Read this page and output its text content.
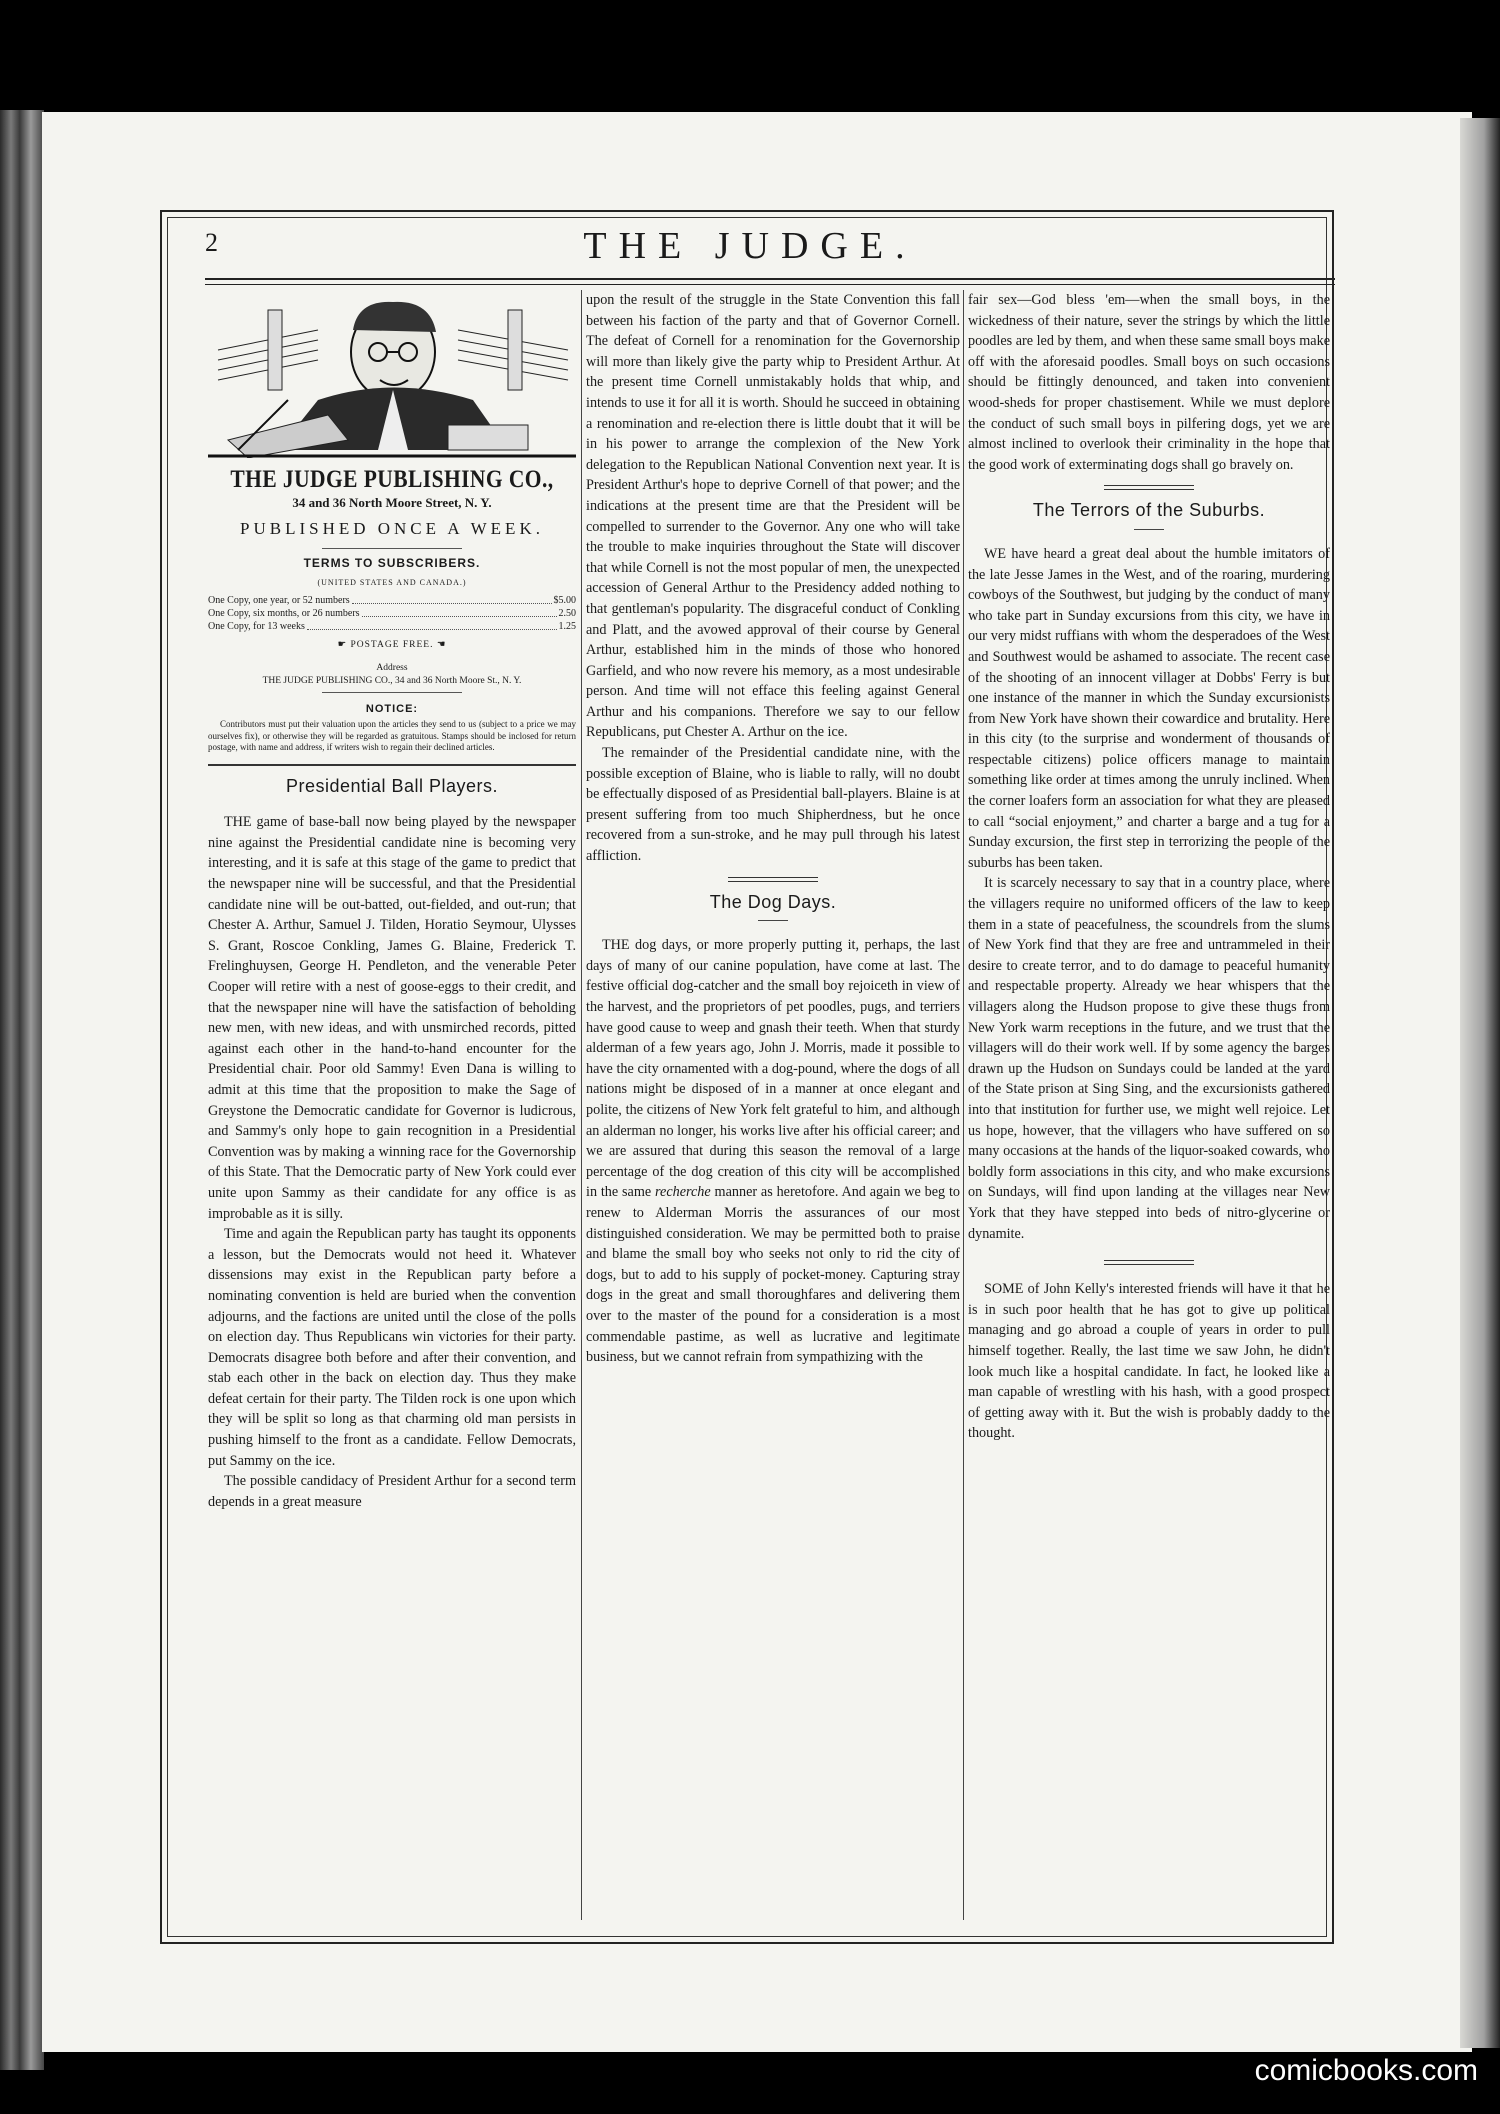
2	THE JUDGE.
THE JUDGE PUBLISHING CO.,
34 and 36 North Moore Street, N. Y.
PUBLISHED ONCE A WEEK.
TERMS TO SUBSCRIBERS.
(UNITED STATES AND CANADA.)
One Copy, one year, or 52 numbers	$5.00
One Copy, six months, or 26 numbers	2.50
One Copy, for 13 weeks	1.25
☛ POSTAGE FREE. ☚
Address
THE JUDGE PUBLISHING CO., 34 and 36 North Moore St., N. Y.
NOTICE:
Contributors must put their valuation upon the articles they send to us (subject to a price we may ourselves fix), or otherwise they will be regarded as gratuitous. Stamps should be inclosed for return postage, with name and address, if writers wish to regain their declined articles.
Presidential Ball Players.

THE game of base-ball now being played by the newspaper nine against the Presidential candidate nine is becoming very interesting, and it is safe at this stage of the game to predict that the newspaper nine will be successful, and that the Presidential candidate nine will be out-batted, out-fielded, and out-run; that Chester A. Arthur, Samuel J. Tilden, Horatio Seymour, Ulysses S. Grant, Roscoe Conkling, James G. Blaine, Frederick T. Frelinghuysen, George H. Pendleton, and the venerable Peter Cooper will retire with a nest of goose-eggs to their credit, and that the newspaper nine will have the satisfaction of beholding new men, with new ideas, and with unsmirched records, pitted against each other in the hand-to-hand encounter for the Presidential chair. Poor old Sammy! Even Dana is willing to admit at this time that the proposition to make the Sage of Greystone the Democratic candidate for Governor is ludicrous, and Sammy's only hope to gain recognition in a Presidential Convention was by making a winning race for the Governorship of this State. That the Democratic party of New York could ever unite upon Sammy as their candidate for any office is as improbable as it is silly.

Time and again the Republican party has taught its opponents a lesson, but the Democrats would not heed it. Whatever dissensions may exist in the Republican party before a nominating convention is held are buried when the convention adjourns, and the factions are united until the close of the polls on election day. Thus Republicans win victories for their party. Democrats disagree both before and after their convention, and stab each other in the back on election day. Thus they make defeat certain for their party. The Tilden rock is one upon which they will be split so long as that charming old man persists in pushing himself to the front as a candidate. Fellow Democrats, put Sammy on the ice.

The possible candidacy of President Arthur for a second term depends in a great measure

upon the result of the struggle in the State Convention this fall between his faction of the party and that of Governor Cornell. The defeat of Cornell for a renomination for the Governorship will more than likely give the party whip to President Arthur. At the present time Cornell unmistakably holds that whip, and intends to use it for all it is worth. Should he succeed in obtaining a renomination and re-election there is little doubt that it will be in his power to arrange the complexion of the New York delegation to the Republican National Convention next year. It is President Arthur's hope to deprive Cornell of that power; and the indications at the present time are that the President will be compelled to surrender to the Governor. Any one who will take the trouble to make inquiries throughout the State will discover that while Cornell is not the most popular of men, the unexpected accession of General Arthur to the Presidency added nothing to that gentleman's popularity. The disgraceful conduct of Conkling and Platt, and the avowed approval of their course by General Arthur, established him in the minds of those who honored Garfield, and who now revere his memory, as a most undesirable person. And time will not efface this feeling against General Arthur and his companions. Therefore we say to our fellow Republicans, put Chester A. Arthur on the ice.

The remainder of the Presidential candidate nine, with the possible exception of Blaine, who is liable to rally, will no doubt be effectually disposed of as Presidential ball-players. Blaine is at present suffering from too much Shipherdness, but he once recovered from a sun-stroke, and he may pull through his latest affliction.

The Dog Days.

THE dog days, or more properly putting it, perhaps, the last days of many of our canine population, have come at last. The festive official dog-catcher and the small boy rejoiceth in view of the harvest, and the proprietors of pet poodles, pugs, and terriers have good cause to weep and gnash their teeth. When that sturdy alderman of a few years ago, John J. Morris, made it possible to have the city ornamented with a dog-pound, where the dogs of all nations might be disposed of in a manner at once elegant and polite, the citizens of New York felt grateful to him, and although an alderman no longer, his works live after his official career; and we are assured that during this season the removal of a large percentage of the dog creation of this city will be accomplished in the same recherche manner as heretofore. And again we beg to renew to Alderman Morris the assurances of our most distinguished consideration. We may be permitted both to praise and blame the small boy who seeks not only to rid the city of dogs, but to add to his supply of pocket-money. Capturing stray dogs in the great and small thoroughfares and delivering them over to the master of the pound for a consideration is a most commendable pastime, as well as lucrative and legitimate business, but we cannot refrain from sympathizing with the

fair sex—God bless 'em—when the small boys, in the wickedness of their nature, sever the strings by which the little poodles are led by them, and when these same small boys make off with the aforesaid poodles. Small boys on such occasions should be fittingly denounced, and taken into convenient wood-sheds for proper chastisement. While we must deplore the conduct of such small boys in pilfering dogs, yet we are almost inclined to overlook their criminality in the hope that the good work of exterminating dogs shall go bravely on.

The Terrors of the Suburbs.

WE have heard a great deal about the humble imitators of the late Jesse James in the West, and of the roaring, murdering cowboys of the Southwest, but judging by the conduct of many who take part in Sunday excursions from this city, we have in our very midst ruffians with whom the desperadoes of the West and Southwest would be ashamed to associate. The recent case of the shooting of an innocent villager at Dobbs' Ferry is but one instance of the manner in which the Sunday excursionists from New York have shown their cowardice and brutality. Here in this city (to the surprise and wonderment of thousands of respectable citizens) police officers manage to maintain something like order at times among the unruly inclined. When the corner loafers form an association for what they are pleased to call “social enjoyment,” and charter a barge and a tug for a Sunday excursion, the first step in terrorizing the people of the suburbs has been taken.

It is scarcely necessary to say that in a country place, where the villagers require no uniformed officers of the law to keep them in a state of peacefulness, the scoundrels from the slums of New York find that they are free and untrammeled in their desire to create terror, and to do damage to peaceful humanity and respectable property. Already we hear whispers that the villagers along the Hudson propose to give these thugs from New York warm receptions in the future, and we trust that the villagers will do their work well. If by some agency the barges drawn up the Hudson on Sundays could be landed at the yard of the State prison at Sing Sing, and the excursionists gathered into that institution for further use, we might well rejoice. Let us hope, however, that the villagers who have suffered on so many occasions at the hands of the liquor-soaked cowards, who boldly form associations in this city, and who make excursions on Sundays, will find upon landing at the villages near New York that they have stepped into beds of nitro-glycerine or dynamite.

SOME of John Kelly's interested friends will have it that he is in such poor health that he has got to give up political managing and go abroad a couple of years in order to pull himself together. Really, the last time we saw John, he didn't look much like a hospital candidate. In fact, he looked like a man capable of wrestling with his hash, with a good prospect of getting away with it. But the wish is probably daddy to the thought.

comicbooks.com
